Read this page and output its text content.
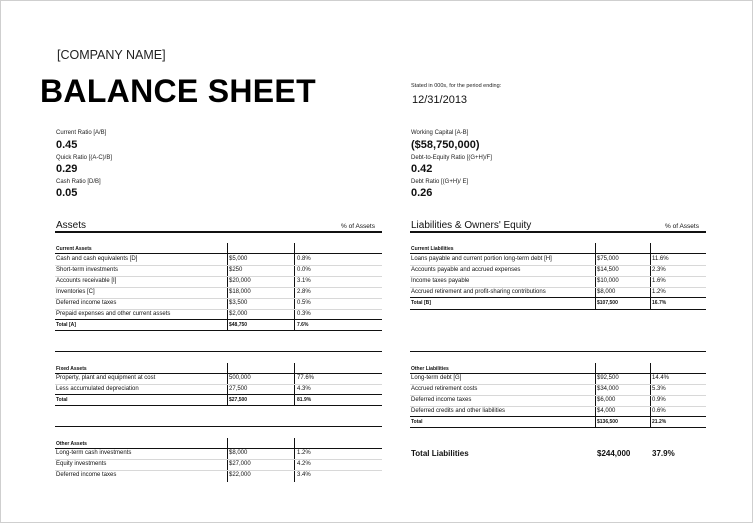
[COMPANY NAME]
BALANCE SHEET	Stated in 000s, for the period ending:
12/31/2013
Current Ratio [A/B]
0.45
Quick Ratio [(A-C)/B]
0.29
Cash Ratio [D/B]
0.05
Working Capital [A-B]
($58,750,000)
Debt-to-Equity Ratio [(G+H)/F]
0.42
Debt Ratio [(G+H)/ E]
0.26
Assets	% of Assets
Current Assets
Cash and cash equivalents [D]	$5,000	0.8%
Short-term investments	$250	0.0%
Accounts receivable [I]	$20,000	3.1%
Inventories [C]	$18,000	2.8%
Deferred income taxes	$3,500	0.5%
Prepaid expenses and other current assets	$2,000	0.3%
Total [A]	$48,750	7.6%
Fixed Assets
Property, plant and equipment at cost	500,000	77.6%
Less accumulated depreciation	27,500	4.3%
Total	$27,500	81.9%
Other Assets
Long-term cash investments	$8,000	1.2%
Equity investments	$27,000	4.2%
Deferred income taxes	$22,000	3.4%
Liabilities & Owners' Equity	% of Assets
Current Liabilities
Loans payable and current portion long-term debt [H]	$75,000	11.6%
Accounts payable and accrued expenses	$14,500	2.3%
Income taxes payable	$10,000	1.6%
Accrued retirement and profit-sharing contributions	$8,000	1.2%
Total [B]	$107,500	16.7%
Other Liabilities
Long-term debt [G]	$92,500	14.4%
Accrued retirement costs	$34,000	5.3%
Deferred income taxes	$6,000	0.9%
Deferred credits and other liabilities	$4,000	0.6%
Total	$136,500	21.2%
Total Liabilities	$244,000	37.9%
